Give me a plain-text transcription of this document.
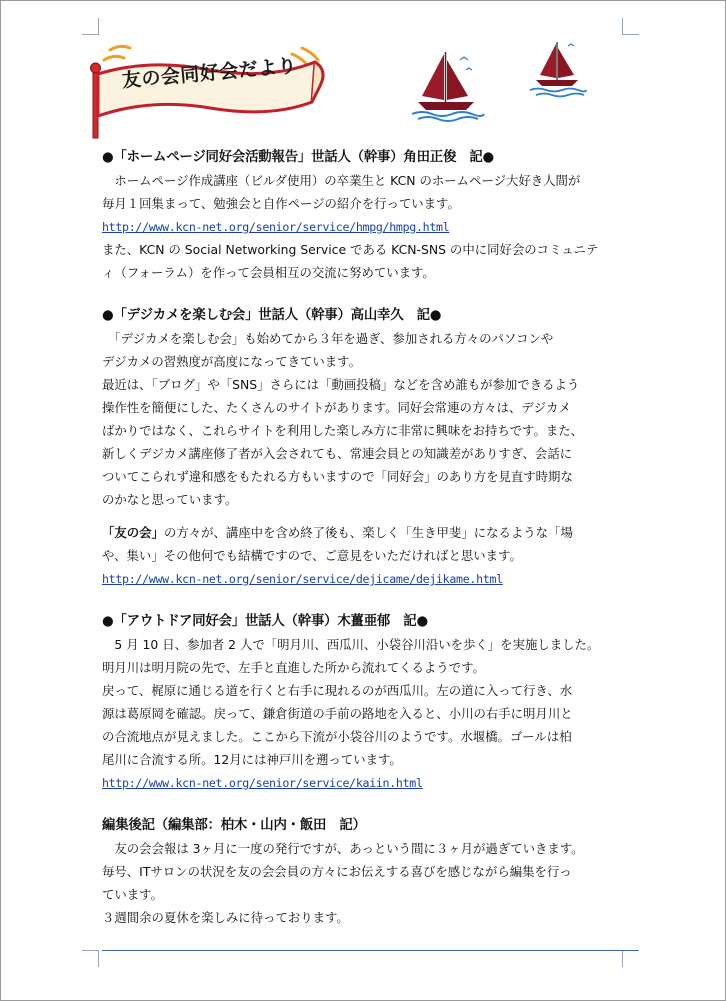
友の会同好会だより
●「ホームページ同好会活動報告」世話人（幹事）角田正俊　記●
　ホームページ作成講座（ビルダ使用）の卒業生と KCN のホームページ大好き人間が
毎月１回集まって、勉強会と自作ページの紹介を行っています。
http://www.kcn-net.org/senior/service/hmpg/hmpg.html
また、KCN の Social Networking Service である KCN-SNS の中に同好会のコミュニテ
ィ（フォーラム）を作って会員相互の交流に努めています。
●「デジカメを楽しむ会」世話人（幹事）高山幸久　記●
　「デジカメを楽しむ会」も始めてから３年を過ぎ、参加される方々のパソコンや
デジカメの習熟度が高度になってきています。
最近は、「ブログ」や「SNS」さらには「動画投稿」などを含め誰もが参加できるよう
操作性を簡便にした、たくさんのサイトがあります。同好会常連の方々は、デジカメ
ばかりではなく、これらサイトを利用した楽しみ方に非常に興味をお持ちです。また、
新しくデジカメ講座修了者が入会されても、常連会員との知識差がありすぎ、会話に
ついてこられず違和感をもたれる方もいますので「同好会」のあり方を見直す時期な
のかなと思っています。
「友の会」の方々が、講座中を含め終了後も、楽しく「生き甲斐」になるような「場
や、集い」その他何でも結構ですので、ご意見をいただければと思います。
http://www.kcn-net.org/senior/service/dejicame/dejikame.html
●「アウトドア同好会」世話人（幹事）木薑亜郁　記●
　5 月 10 日、参加者 2 人で「明月川、西瓜川、小袋谷川沿いを歩く」を実施しました。
明月川は明月院の先で、左手と直進した所から流れてくるようです。
戻って、梶原に通じる道を行くと右手に現れるのが西瓜川。左の道に入って行き、水
源は葛原岡を確認。戻って、鎌倉街道の手前の路地を入ると、小川の右手に明月川と
の合流地点が見えました。ここから下流が小袋谷川のようです。水堰橋。ゴールは柏
尾川に合流する所。12月には神戸川を遡っています。
http://www.kcn-net.org/senior/service/kaiin.html
編集後記（編集部：柏木・山内・飯田　記）
　友の会会報は 3ヶ月に一度の発行ですが、あっという間に３ヶ月が過ぎていきます。
毎号、ITサロンの状況を友の会会員の方々にお伝えする喜びを感じながら編集を行っ
ています。
３週間余の夏休を楽しみに待っております。
